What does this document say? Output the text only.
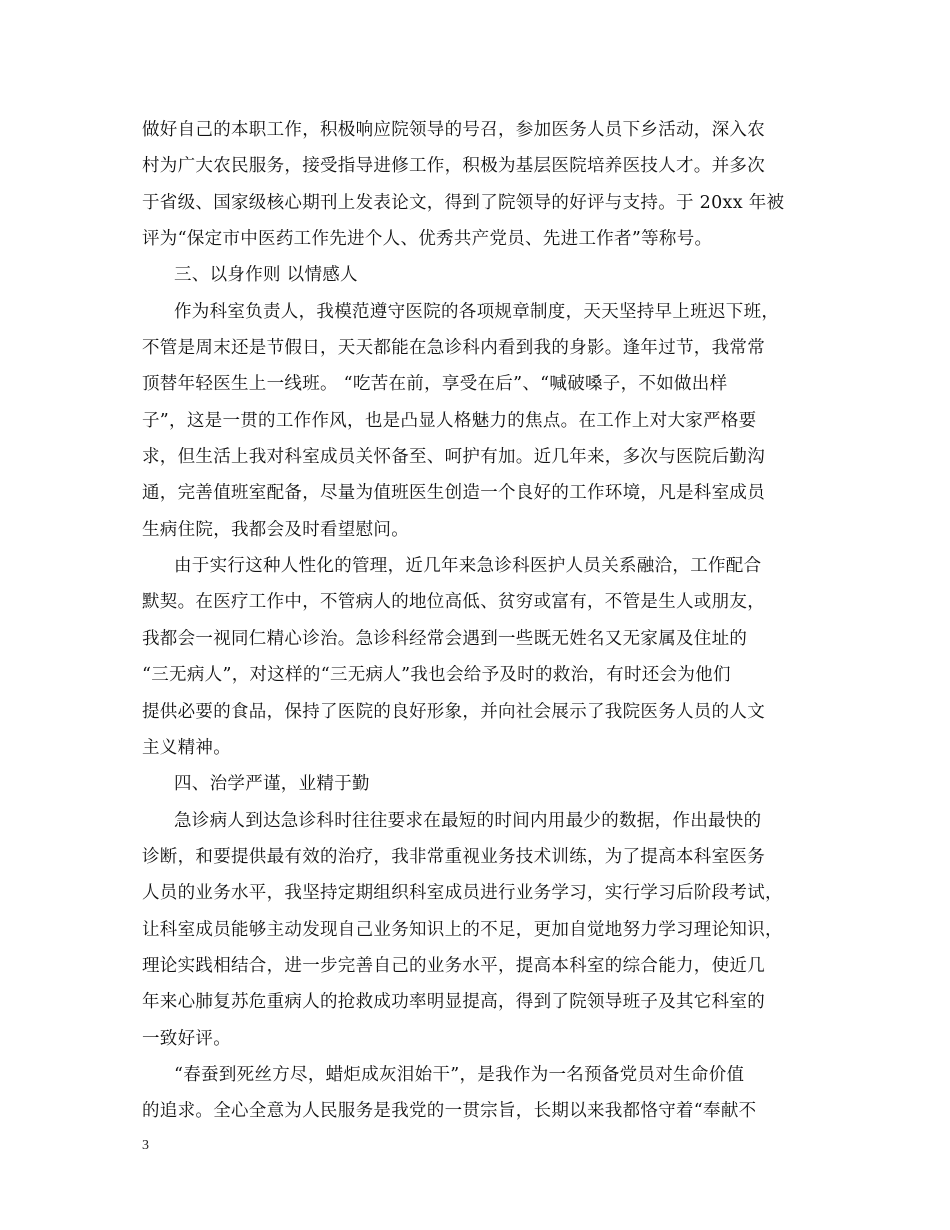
做好自己的本职工作，积极响应院领导的号召，参加医务人员下乡活动，深入农
村为广大农民服务，接受指导进修工作，积极为基层医院培养医技人才。并多次
于省级、国家级核心期刊上发表论文，得到了院领导的好评与支持。于 20xx 年被
评为“保定市中医药工作先进个人、优秀共产党员、先进工作者”等称号。
三、以身作则 以情感人
作为科室负责人，我模范遵守医院的各项规章制度，天天坚持早上班迟下班，
不管是周末还是节假日，天天都能在急诊科内看到我的身影。逢年过节，我常常
顶替年轻医生上一线班。 “吃苦在前，享受在后”、“喊破嗓子，不如做出样
子”，这是一贯的工作作风，也是凸显人格魅力的焦点。在工作上对大家严格要
求，但生活上我对科室成员关怀备至、呵护有加。近几年来，多次与医院后勤沟
通，完善值班室配备，尽量为值班医生创造一个良好的工作环境，凡是科室成员
生病住院，我都会及时看望慰问。
由于实行这种人性化的管理，近几年来急诊科医护人员关系融洽，工作配合
默契。在医疗工作中，不管病人的地位高低、贫穷或富有，不管是生人或朋友，
我都会一视同仁精心诊治。急诊科经常会遇到一些既无姓名又无家属及住址的
“三无病人”，对这样的“三无病人”我也会给予及时的救治，有时还会为他们
提供必要的食品，保持了医院的良好形象，并向社会展示了我院医务人员的人文
主义精神。
四、治学严谨，业精于勤
急诊病人到达急诊科时往往要求在最短的时间内用最少的数据，作出最快的
诊断，和要提供最有效的治疗，我非常重视业务技术训练，为了提高本科室医务
人员的业务水平，我坚持定期组织科室成员进行业务学习，实行学习后阶段考试，
让科室成员能够主动发现自己业务知识上的不足，更加自觉地努力学习理论知识，
理论实践相结合，进一步完善自己的业务水平，提高本科室的综合能力，使近几
年来心肺复苏危重病人的抢救成功率明显提高，得到了院领导班子及其它科室的
一致好评。
“春蚕到死丝方尽，蜡炬成灰泪始干”，是我作为一名预备党员对生命价值
的追求。全心全意为人民服务是我党的一贯宗旨，长期以来我都恪守着“奉献不
3
